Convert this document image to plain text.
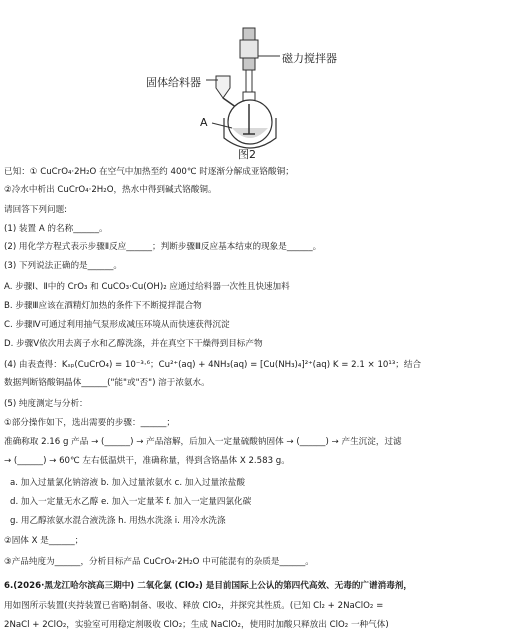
磁力搅拌器
固体给料器
A
图2
已知：① CuCrO₄·2H₂O 在空气中加热至约 400℃ 时逐渐分解成亚铬酸铜；
②冷水中析出 CuCrO₄·2H₂O，热水中得到碱式铬酸铜。
请回答下列问题:
(1) 装置 A 的名称______。
(2) 用化学方程式表示步骤Ⅱ反应______；判断步骤Ⅲ反应基本结束的现象是______。
(3) 下列说法正确的是______。
A. 步骤Ⅰ、Ⅱ中的 CrO₃ 和 CuCO₃·Cu(OH)₂ 应通过给料器一次性且快速加料
B. 步骤Ⅲ应该在酒精灯加热的条件下不断搅拌混合物
C. 步骤Ⅳ可通过利用抽气泵形成减压环境从而快速获得沉淀
D. 步骤Ⅴ依次用去离子水和乙醇洗涤，并在真空下干燥得到目标产物
(4) 由表查得：Kₛₚ(CuCrO₄) = 10⁻³·⁶；Cu²⁺(aq) + 4NH₃(aq) = [Cu(NH₃)₄]²⁺(aq) K = 2.1 × 10¹³；结合
数据判断铬酸铜晶体______("能"或"否") 溶于浓氨水。
(5) 纯度测定与分析：
①部分操作如下，选出需要的步骤：______；
准确称取 2.16 g 产品 → (______) → 产品溶解，后加入一定量硫酸钠固体 → (______) → 产生沉淀，过滤
→ (______) → 60℃ 左右低温烘干，准确称量，得到含铬晶体 X 2.583 g。
a. 加入过量氯化钠溶液 b. 加入过量浓氨水 c. 加入过量浓盐酸
d. 加入一定量无水乙醇 e. 加入一定量苯 f. 加入一定量四氯化碳
g. 用乙醇浓氨水混合液洗涤 h. 用热水洗涤 i. 用冷水洗涤
②固体 X 是______；
③产品纯度为______，分析目标产品 CuCrO₄·2H₂O 中可能混有的杂质是______。
6.(2026·黑龙江哈尔滨高三期中) 二氧化氯 (ClO₂) 是目前国际上公认的第四代高效、无毒的广谱消毒剂，
用如图所示装置(夹持装置已省略)制备、吸收、释放 ClO₂，并探究其性质。(已知 Cl₂ + 2NaClO₂ =
2NaCl + 2ClO₂，实验室可用稳定剂吸收 ClO₂；生成 NaClO₂，使用时加酸只释放出 ClO₂ 一种气体)
